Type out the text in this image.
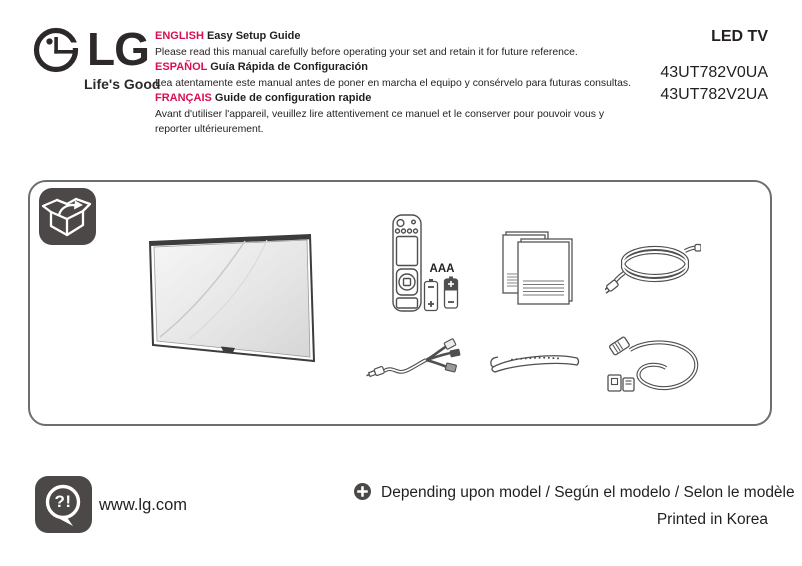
LG
Life's Good

ENGLISH Easy Setup Guide

Please read this manual carefully before operating your set and retain it for future reference.

ESPAÑOL Guía Rápida de Configuración

Lea atentamente este manual antes de poner en marcha el equipo y consérvelo para futuras consultas.

FRANÇAIS Guide de configuration rapide

Avant d'utiliser l'appareil, veuillez lire attentivement ce manuel et le conserver pour pouvoir vous y reporter ultérieurement.

LED TV
43UT782V0UA
43UT782V2UA
AAA
?!	www.lg.com
Depending upon model / Según el modelo / Selon le modèle
Printed in Korea
